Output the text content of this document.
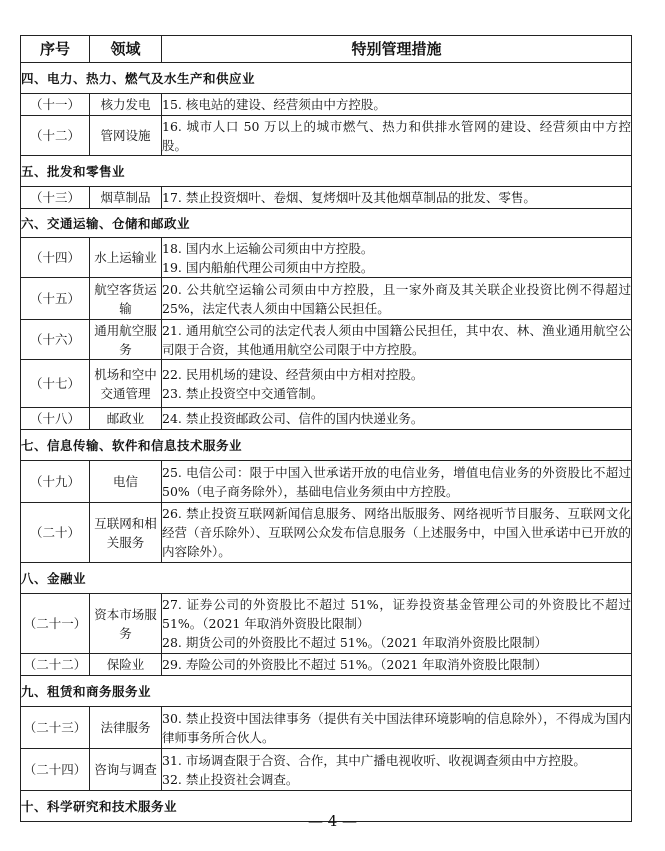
序号	领域	特别管理措施
四、电力、热力、燃气及水生产和供应业		
（十一）	核力发电	15. 核电站的建设、经营须由中方控股。

（十二）	管网设施	16. 城市人口 50 万以上的城市燃气、热力和供排水管网的建设、经营须由中方控股。

五、批发和零售业		
（十三）	烟草制品	17. 禁止投资烟叶、卷烟、复烤烟叶及其他烟草制品的批发、零售。

六、交通运输、仓储和邮政业		
（十四）	水上运输业	18. 国内水上运输公司须由中方控股。
19. 国内船舶代理公司须由中方控股。

（十五）	航空客货运输	20. 公共航空运输公司须由中方控股，且一家外商及其关联企业投资比例不得超过 25%，法定代表人须由中国籍公民担任。

（十六）	通用航空服务	21. 通用航空公司的法定代表人须由中国籍公民担任，其中农、林、渔业通用航空公司限于合资，其他通用航空公司限于中方控股。

（十七）	机场和空中交通管理	22. 民用机场的建设、经营须由中方相对控股。
23. 禁止投资空中交通管制。

（十八）	邮政业	24. 禁止投资邮政公司、信件的国内快递业务。

七、信息传输、软件和信息技术服务业		
（十九）	电信	25. 电信公司：限于中国入世承诺开放的电信业务，增值电信业务的外资股比不超过 50%（电子商务除外），基础电信业务须由中方控股。

（二十）	互联网和相关服务	26. 禁止投资互联网新闻信息服务、网络出版服务、网络视听节目服务、互联网文化经营（音乐除外）、互联网公众发布信息服务（上述服务中，中国入世承诺中已开放的内容除外）。

八、金融业		
（二十一）	资本市场服务	27. 证券公司的外资股比不超过 51%，证券投资基金管理公司的外资股比不超过 51%。（2021 年取消外资股比限制）
28. 期货公司的外资股比不超过 51%。（2021 年取消外资股比限制）

（二十二）	保险业	29. 寿险公司的外资股比不超过 51%。（2021 年取消外资股比限制）

九、租赁和商务服务业		
（二十三）	法律服务	30. 禁止投资中国法律事务（提供有关中国法律环境影响的信息除外），不得成为国内律师事务所合伙人。

（二十四）	咨询与调查	31. 市场调查限于合资、合作，其中广播电视收听、收视调查须由中方控股。
32. 禁止投资社会调查。

十、科学研究和技术服务业		
— 4 —
